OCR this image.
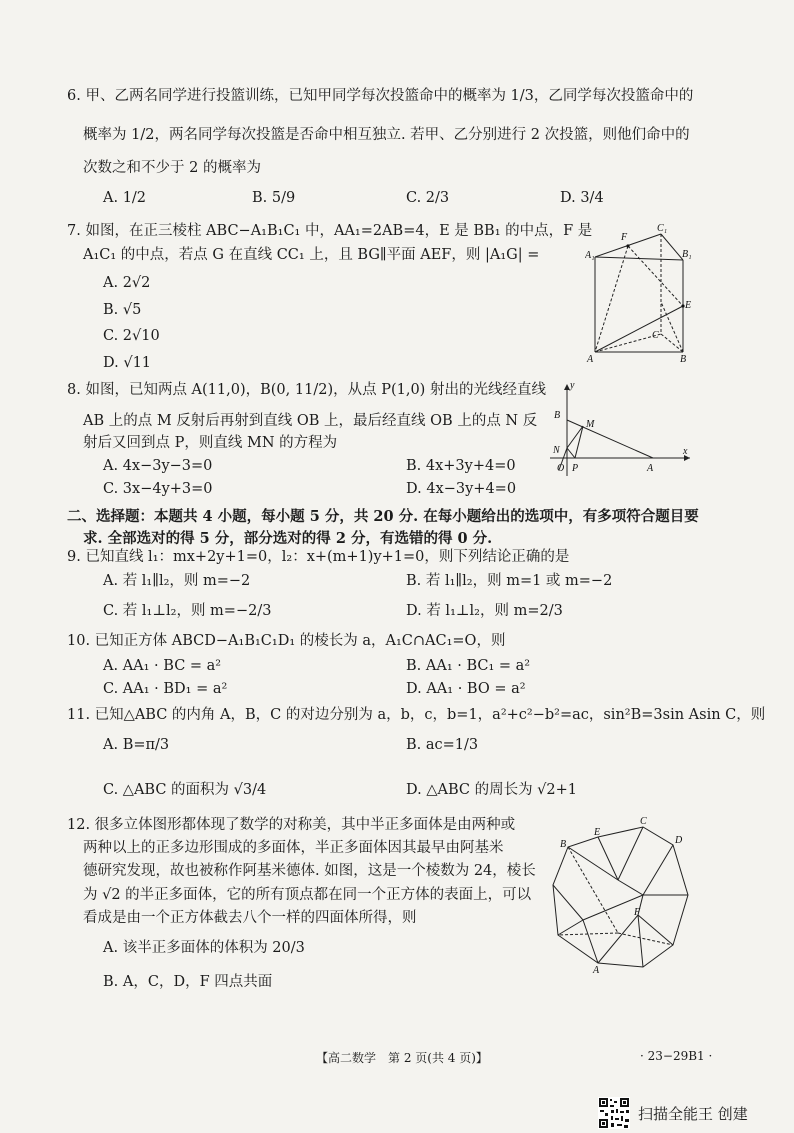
6. 甲、乙两名同学进行投篮训练，已知甲同学每次投篮命中的概率为 1/3，乙同学每次投篮命中的
概率为 1/2，两名同学每次投篮是否命中相互独立. 若甲、乙分别进行 2 次投篮，则他们命中的
次数之和不少于 2 的概率为
A. 1/2	B. 5/9	C. 2/3	D. 3/4
7. 如图，在正三棱柱 ABC−A₁B₁C₁ 中，AA₁=2AB=4，E 是 BB₁ 的中点，F 是
A₁C₁ 的中点，若点 G 在直线 CC₁ 上，且 BG∥平面 AEF，则 |A₁G| =
A. 2√2
B. √5
C. 2√10
D. √11
A₁
F
C₁
B₁
E
C
A	B
8. 如图，已知两点 A(11,0)，B(0, 11/2)，从点 P(1,0) 射出的光线经直线
AB 上的点 M 反射后再射到直线 OB 上，最后经直线 OB 上的点 N 反
射后又回到点 P，则直线 MN 的方程为
A. 4x−3y−3=0	B. 4x+3y+4=0
C. 3x−4y+3=0	D. 4x−3y+4=0
y
B
M
N
O P	A
x
二、选择题：本题共 4 小题，每小题 5 分，共 20 分. 在每小题给出的选项中，有多项符合题目要
求. 全部选对的得 5 分，部分选对的得 2 分，有选错的得 0 分.
9. 已知直线 l₁：mx+2y+1=0，l₂：x+(m+1)y+1=0，则下列结论正确的是
A. 若 l₁∥l₂，则 m=−2	B. 若 l₁∥l₂，则 m=1 或 m=−2
C. 若 l₁⊥l₂，则 m=−2/3	D. 若 l₁⊥l₂，则 m=2/3
10. 已知正方体 ABCD−A₁B₁C₁D₁ 的棱长为 a，A₁C∩AC₁=O，则
A. AA₁ · BC = a²	B. AA₁ · BC₁ = a²
C. AA₁ · BD₁ = a²	D. AA₁ · BO = a²
11. 已知△ABC 的内角 A，B，C 的对边分别为 a，b，c，b=1，a²+c²−b²=ac，sin²B=3sin Asin C，则
A. B=π/3	B. ac=1/3
C. △ABC 的面积为 √3/4	D. △ABC 的周长为 √2+1
12. 很多立体图形都体现了数学的对称美，其中半正多面体是由两种或
两种以上的正多边形围成的多面体，半正多面体因其最早由阿基米
德研究发现，故也被称作阿基米德体. 如图，这是一个棱数为 24，棱长
为 √2 的半正多面体，它的所有顶点都在同一个正方体的表面上，可以
看成是由一个正方体截去八个一样的四面体所得，则
A. 该半正多面体的体积为 20/3
B. A，C，D，F 四点共面
C
E
B	D
F
A
【高二数学　第 2 页(共 4 页)】	· 23−29B1 ·
扫描全能王 创建
